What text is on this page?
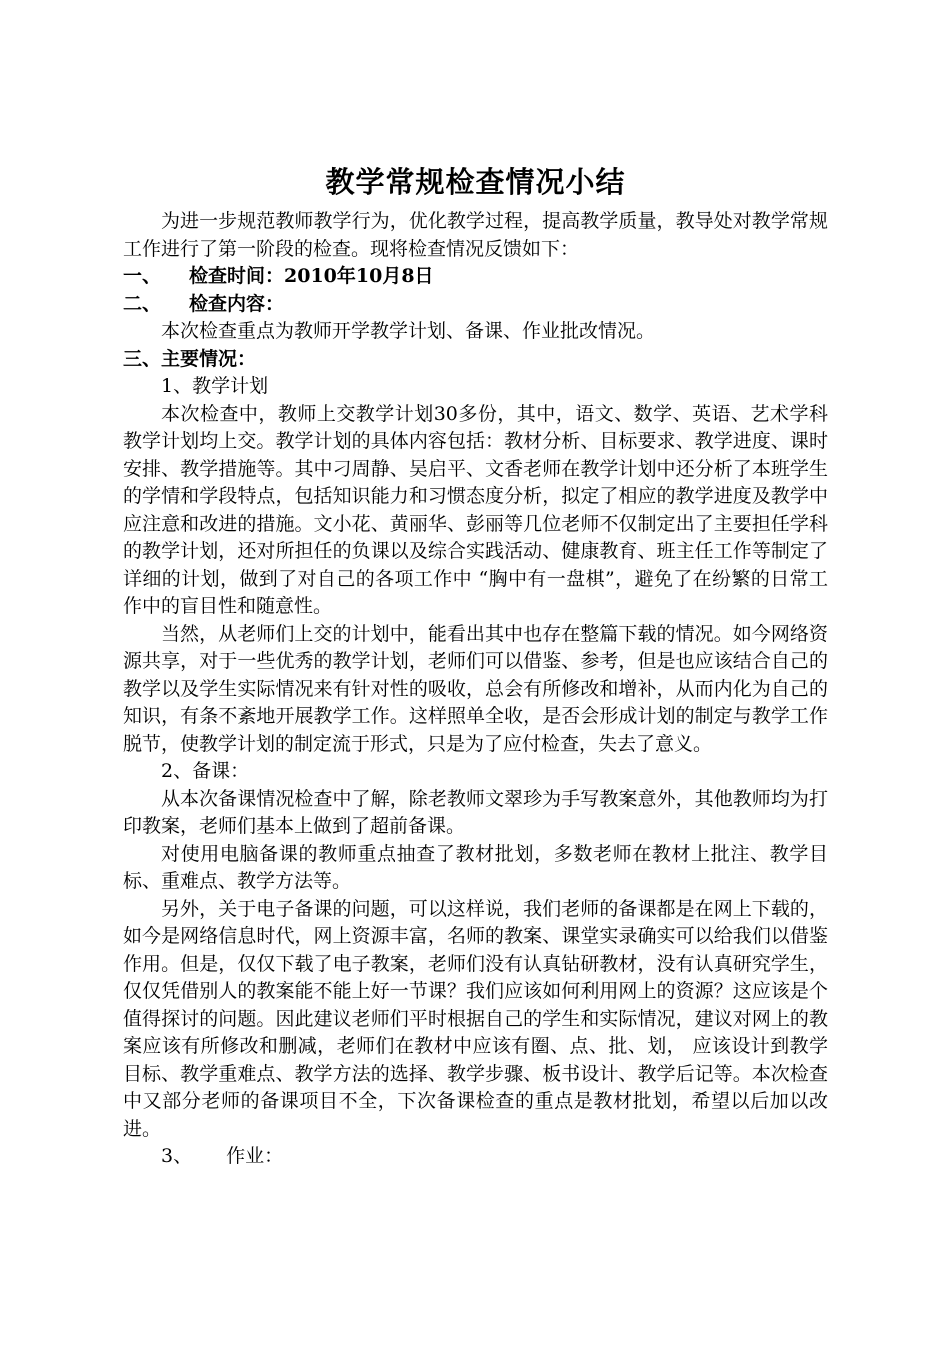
教学常规检查情况小结

为进一步规范教师教学行为，优化教学过程，提高教学质量，教导处对教学常规工作进行了第一阶段的检查。现将检查情况反馈如下：

一、 检查时间：2010年10月8日

二、 检查内容：

本次检查重点为教师开学教学计划、备课、作业批改情况。

三、主要情况：

1、教学计划

本次检查中，教师上交教学计划30多份，其中，语文、数学、英语、艺术学科教学计划均上交。教学计划的具体内容包括：教材分析、目标要求、教学进度、课时安排、教学措施等。其中刁周静、吴启平、文香老师在教学计划中还分析了本班学生的学情和学段特点，包括知识能力和习惯态度分析，拟定了相应的教学进度及教学中应注意和改进的措施。文小花、黄丽华、彭丽等几位老师不仅制定出了主要担任学科的教学计划，还对所担任的负课以及综合实践活动、健康教育、班主任工作等制定了详细的计划，做到了对自己的各项工作中 “胸中有一盘棋”，避免了在纷繁的日常工作中的盲目性和随意性。

当然，从老师们上交的计划中，能看出其中也存在整篇下载的情况。如今网络资源共享，对于一些优秀的教学计划，老师们可以借鉴、参考，但是也应该结合自己的教学以及学生实际情况来有针对性的吸收，总会有所修改和增补，从而内化为自己的知识，有条不紊地开展教学工作。这样照单全收，是否会形成计划的制定与教学工作脱节，使教学计划的制定流于形式，只是为了应付检查，失去了意义。

2、备课：

从本次备课情况检查中了解，除老教师文翠珍为手写教案意外，其他教师均为打印教案，老师们基本上做到了超前备课。

对使用电脑备课的教师重点抽查了教材批划，多数老师在教材上批注、教学目标、重难点、教学方法等。

另外，关于电子备课的问题，可以这样说，我们老师的备课都是在网上下载的，如今是网络信息时代，网上资源丰富，名师的教案、课堂实录确实可以给我们以借鉴作用。但是，仅仅下载了电子教案，老师们没有认真钻研教材，没有认真研究学生，仅仅凭借别人的教案能不能上好一节课？我们应该如何利用网上的资源？这应该是个值得探讨的问题。因此建议老师们平时根据自己的学生和实际情况，建议对网上的教案应该有所修改和删减，老师们在教材中应该有圈、点、批、划， 应该设计到教学目标、教学重难点、教学方法的选择、教学步骤、板书设计、教学后记等。本次检查中又部分老师的备课项目不全，下次备课检查的重点是教材批划，希望以后加以改进。

3、 作业：
